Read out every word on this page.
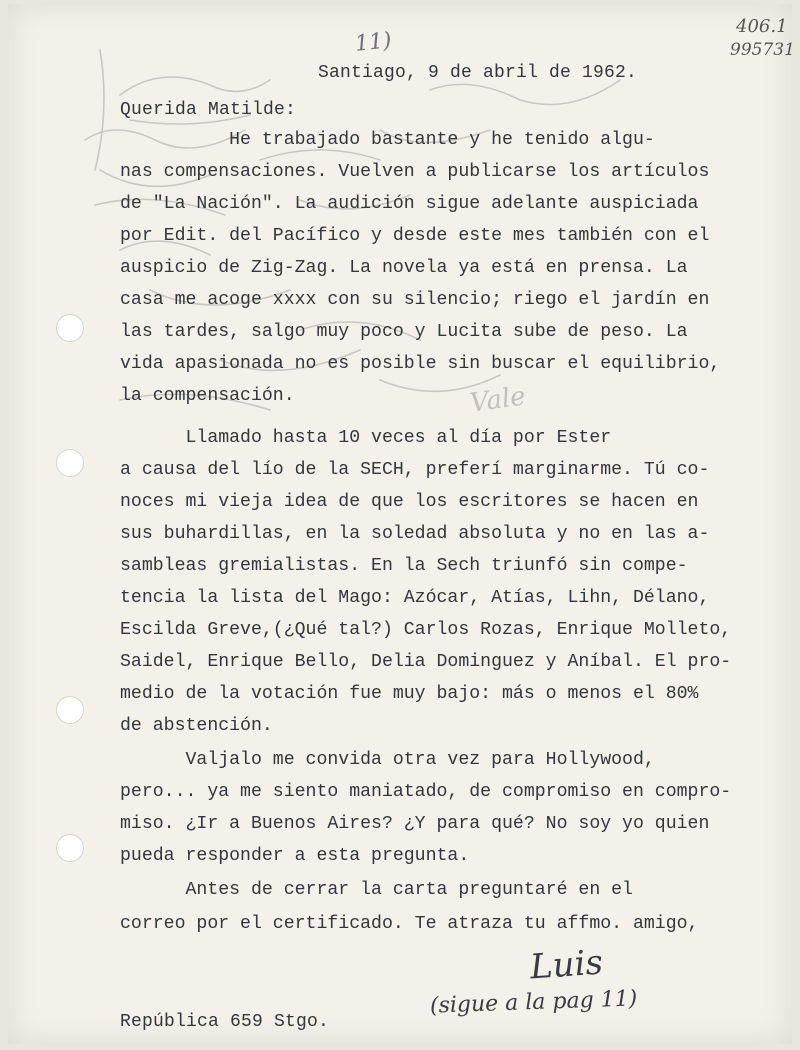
Vale
11)
406.1
995731
Santiago, 9 de abril de 1962.
Querida Matilde:
He trabajado bastante y he tenido algu-
nas compensaciones. Vuelven a publicarse los artículos
de "La Nación". La audición sigue adelante auspiciada
por Edit. del Pacífico y desde este mes también con el
auspicio de Zig-Zag. La novela ya está en prensa. La
casa me acoge xxxx con su silencio; riego el jardín en
las tardes, salgo muy poco y Lucita sube de peso. La
vida apasionada no es posible sin buscar el equilibrio,
la compensación.
Llamado hasta 10 veces al día por Ester
a causa del lío de la SECH, preferí marginarme. Tú co-
noces mi vieja idea de que los escritores se hacen en
sus buhardillas, en la soledad absoluta y no en las a-
sambleas gremialistas. En la Sech triunfó sin compe-
tencia la lista del Mago: Azócar, Atías, Lihn, Délano,
Escilda Greve,(¿Qué tal?) Carlos Rozas, Enrique Molleto,
Saidel, Enrique Bello, Delia Dominguez y Aníbal. El pro-
medio de la votación fue muy bajo: más o menos el 80%
de abstención.
Valjalo me convida otra vez para Hollywood,
pero... ya me siento maniatado, de compromiso en compro-
miso. ¿Ir a Buenos Aires? ¿Y para qué? No soy yo quien
pueda responder a esta pregunta.
Antes de cerrar la carta preguntaré en el
correo por el certificado. Te atraza tu affmo. amigo,
Luis
(sigue a la pag 11)
República 659 Stgo.
